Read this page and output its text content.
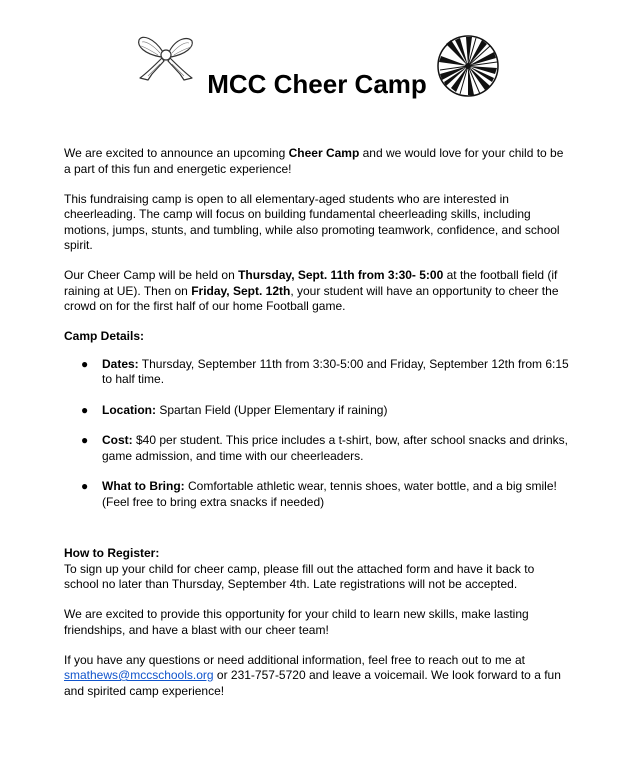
MCC Cheer Camp

We are excited to announce an upcoming Cheer Camp and we would love for your child to be a part of this fun and energetic experience!

This fundraising camp is open to all elementary-aged students who are interested in cheerleading. The camp will focus on building fundamental cheerleading skills, including motions, jumps, stunts, and tumbling, while also promoting teamwork, confidence, and school spirit.

Our Cheer Camp will be held on Thursday, Sept. 11th from 3:30- 5:00 at the football field (if raining at UE). Then on Friday, Sept. 12th, your student will have an opportunity to cheer the crowd on for the first half of our home Football game.

Camp Details:

● Dates: Thursday, September 11th from 3:30-5:00 and Friday, September 12th from 6:15 to half time.
● Location: Spartan Field (Upper Elementary if raining)
● Cost: $40 per student. This price includes a t-shirt, bow, after school snacks and drinks, game admission, and time with our cheerleaders.
● What to Bring: Comfortable athletic wear, tennis shoes, water bottle, and a big smile! (Feel free to bring extra snacks if needed)

How to Register:

To sign up your child for cheer camp, please fill out the attached form and have it back to school no later than Thursday, September 4th. Late registrations will not be accepted.

We are excited to provide this opportunity for your child to learn new skills, make lasting friendships, and have a blast with our cheer team!

If you have any questions or need additional information, feel free to reach out to me at smathews@mccschools.org or 231-757-5720 and leave a voicemail. We look forward to a fun and spirited camp experience!
